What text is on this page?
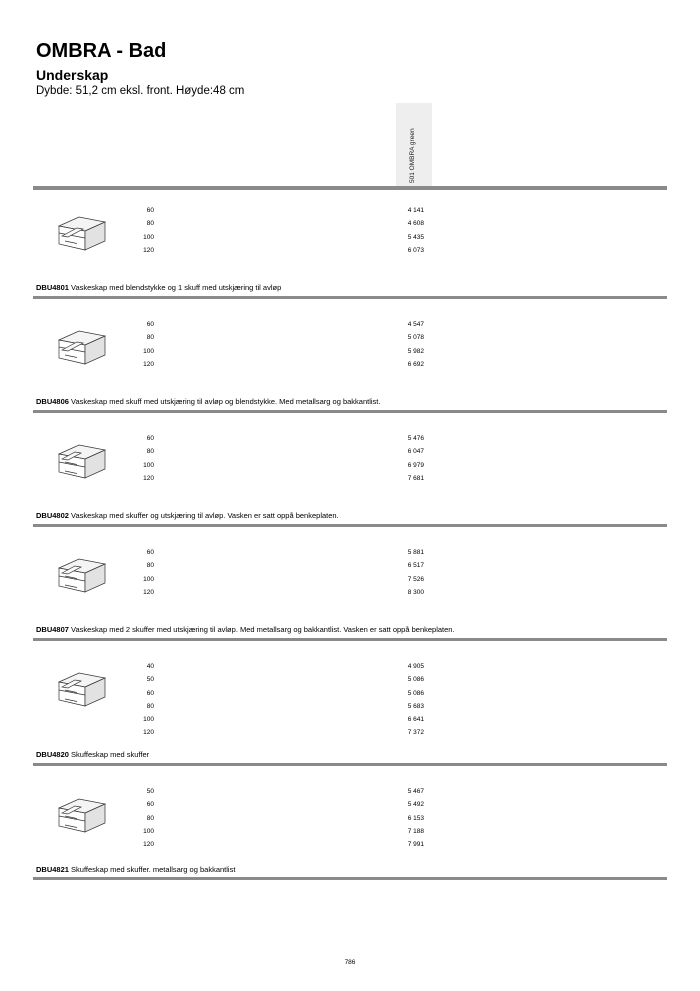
OMBRA - Bad
Underskap

Dybde: 51,2 cm eksl. front. Høyde:48 cm

501 OMBRA green
60
80
100
120
4 141
4 608
5 435
6 073
DBU4801 Vaskeskap med blendstykke og 1 skuff med utskjæring til avløp
60
80
100
120
4 547
5 078
5 982
6 692
DBU4806 Vaskeskap med skuff med utskjæring til avløp og blendstykke. Med metallsarg og bakkantlist.
60
80
100
120
5 476
6 047
6 979
7 681
DBU4802 Vaskeskap med skuffer og utskjæring til avløp. Vasken er satt oppå benkeplaten.
60
80
100
120
5 881
6 517
7 526
8 300
DBU4807 Vaskeskap med 2 skuffer med utskjæring til avløp. Med metallsarg og bakkantlist. Vasken er satt oppå benkeplaten.
40
50
60
80
100
120
4 905
5 086
5 086
5 683
6 641
7 372
DBU4820 Skuffeskap med skuffer
50
60
80
100
120
5 467
5 492
6 153
7 188
7 991
DBU4821 Skuffeskap med skuffer. metallsarg og bakkantlist
786
